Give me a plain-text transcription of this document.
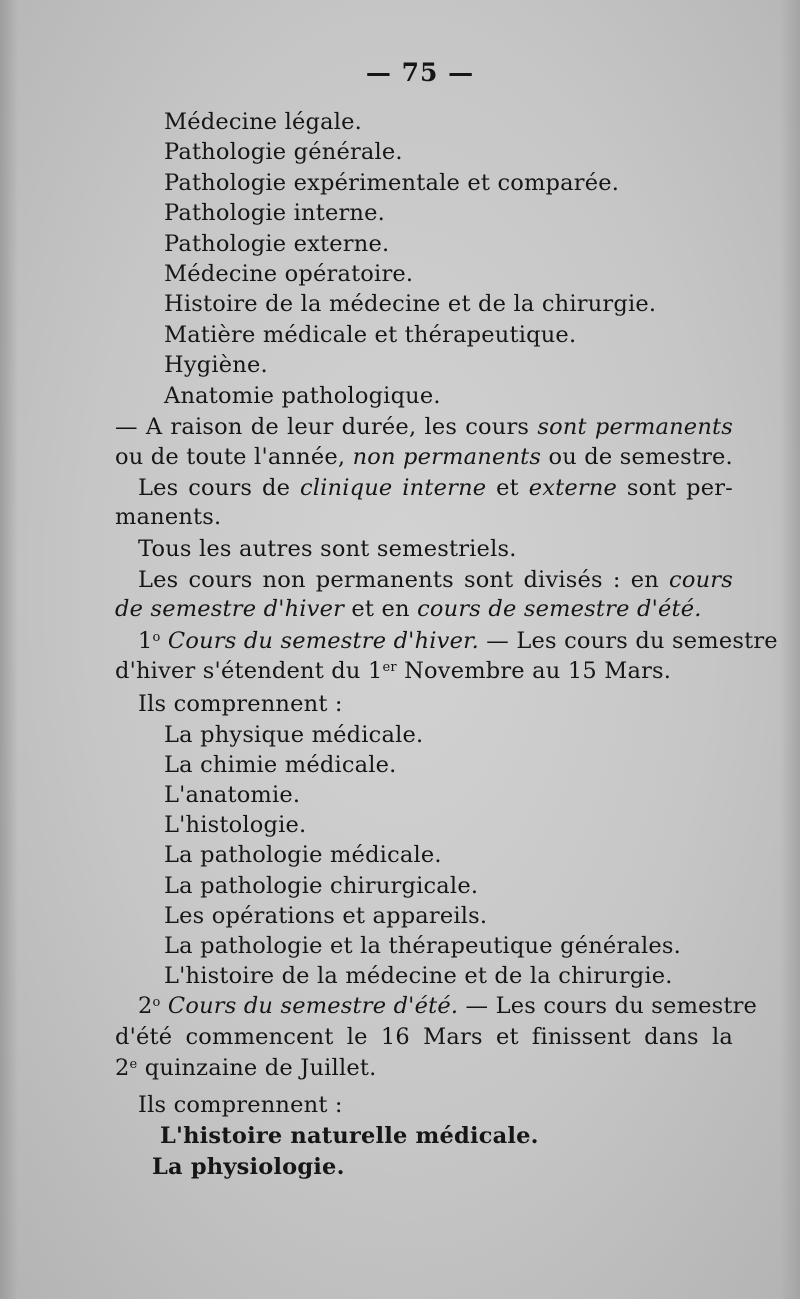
— 75 —
Médecine légale.
Pathologie générale.
Pathologie expérimentale et comparée.
Pathologie interne.
Pathologie externe.
Médecine opératoire.
Histoire de la médecine et de la chirurgie.
Matière médicale et thérapeutique.
Hygiène.
Anatomie pathologique.
— A raison de leur durée, les cours sont permanents
ou de toute l'année, non permanents ou de semestre.
Les cours de clinique interne et externe sont per-
manents.
Tous les autres sont semestriels.
Les cours non permanents sont divisés : en cours
de semestre d'hiver et en cours de semestre d'été.
1$^o$ Cours du semestre d'hiver. — Les cours du semestre
d'hiver s'étendent du 1er Novembre au 15 Mars.
Ils comprennent :
La physique médicale.
La chimie médicale.
L'anatomie.
L'histologie.
La pathologie médicale.
La pathologie chirurgicale.
Les opérations et appareils.
La pathologie et la thérapeutique générales.
L'histoire de la médecine et de la chirurgie.
2$^o$ Cours du semestre d'été. — Les cours du semestre
d'été commencent le 16 Mars et finissent dans la
2e quinzaine de Juillet.
Ils comprennent :
L'histoire naturelle médicale.
La physiologie.
